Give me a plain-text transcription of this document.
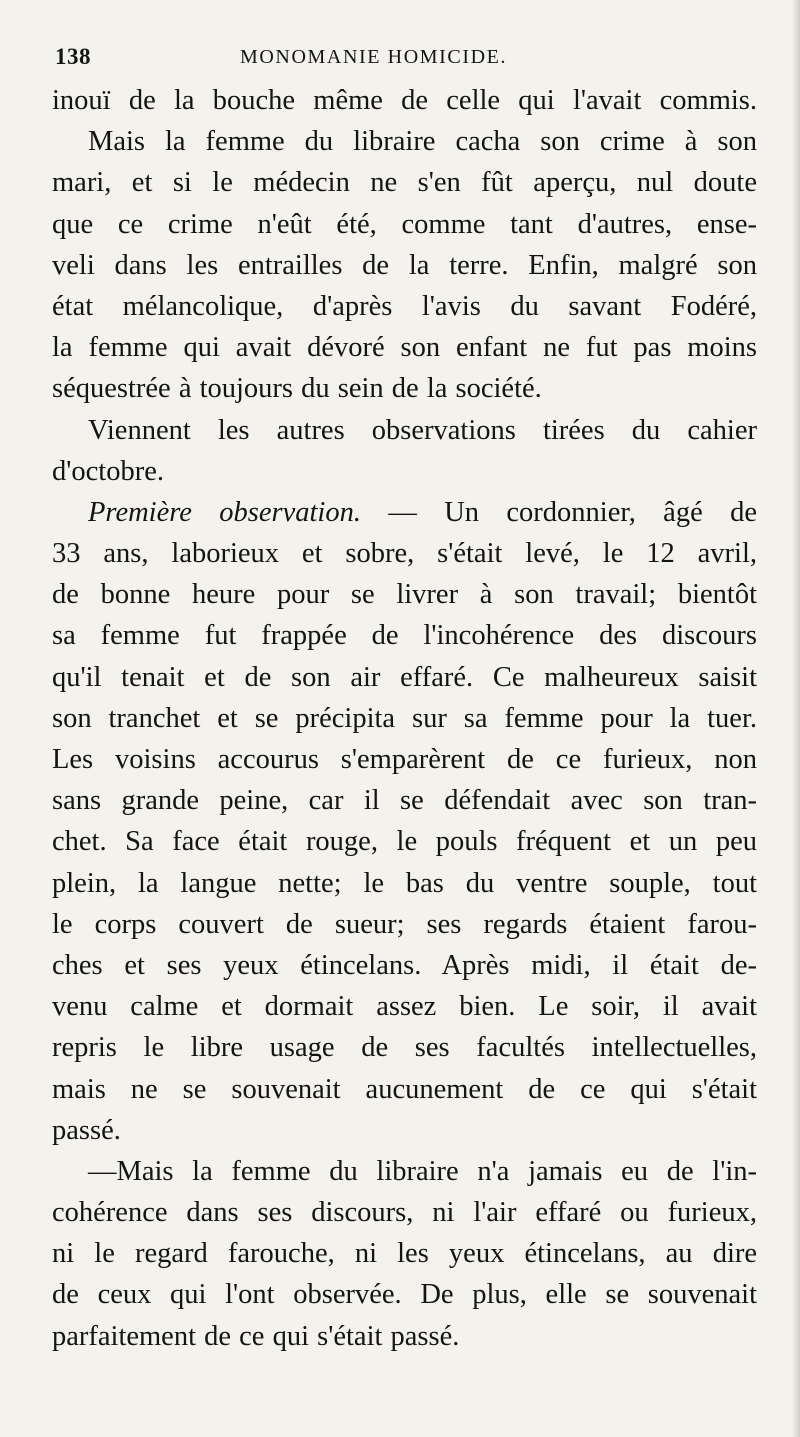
138	MONOMANIE HOMICIDE.
inouï de la bouche même de celle qui l'avait commis.
Mais la femme du libraire cacha son crime à son
mari, et si le médecin ne s'en fût aperçu, nul doute
que ce crime n'eût été, comme tant d'autres, ense-
veli dans les entrailles de la terre. Enfin, malgré son
état mélancolique, d'après l'avis du savant Fodéré,
la femme qui avait dévoré son enfant ne fut pas moins
séquestrée à toujours du sein de la société.
Viennent les autres observations tirées du cahier
d'octobre.
Première observation. — Un cordonnier, âgé de
33 ans, laborieux et sobre, s'était levé, le 12 avril,
de bonne heure pour se livrer à son travail; bientôt
sa femme fut frappée de l'incohérence des discours
qu'il tenait et de son air effaré. Ce malheureux saisit
son tranchet et se précipita sur sa femme pour la tuer.
Les voisins accourus s'emparèrent de ce furieux, non
sans grande peine, car il se défendait avec son tran-
chet. Sa face était rouge, le pouls fréquent et un peu
plein, la langue nette; le bas du ventre souple, tout
le corps couvert de sueur; ses regards étaient farou-
ches et ses yeux étincelans. Après midi, il était de-
venu calme et dormait assez bien. Le soir, il avait
repris le libre usage de ses facultés intellectuelles,
mais ne se souvenait aucunement de ce qui s'était
passé.
—Mais la femme du libraire n'a jamais eu de l'in-
cohérence dans ses discours, ni l'air effaré ou furieux,
ni le regard farouche, ni les yeux étincelans, au dire
de ceux qui l'ont observée. De plus, elle se souvenait
parfaitement de ce qui s'était passé.
